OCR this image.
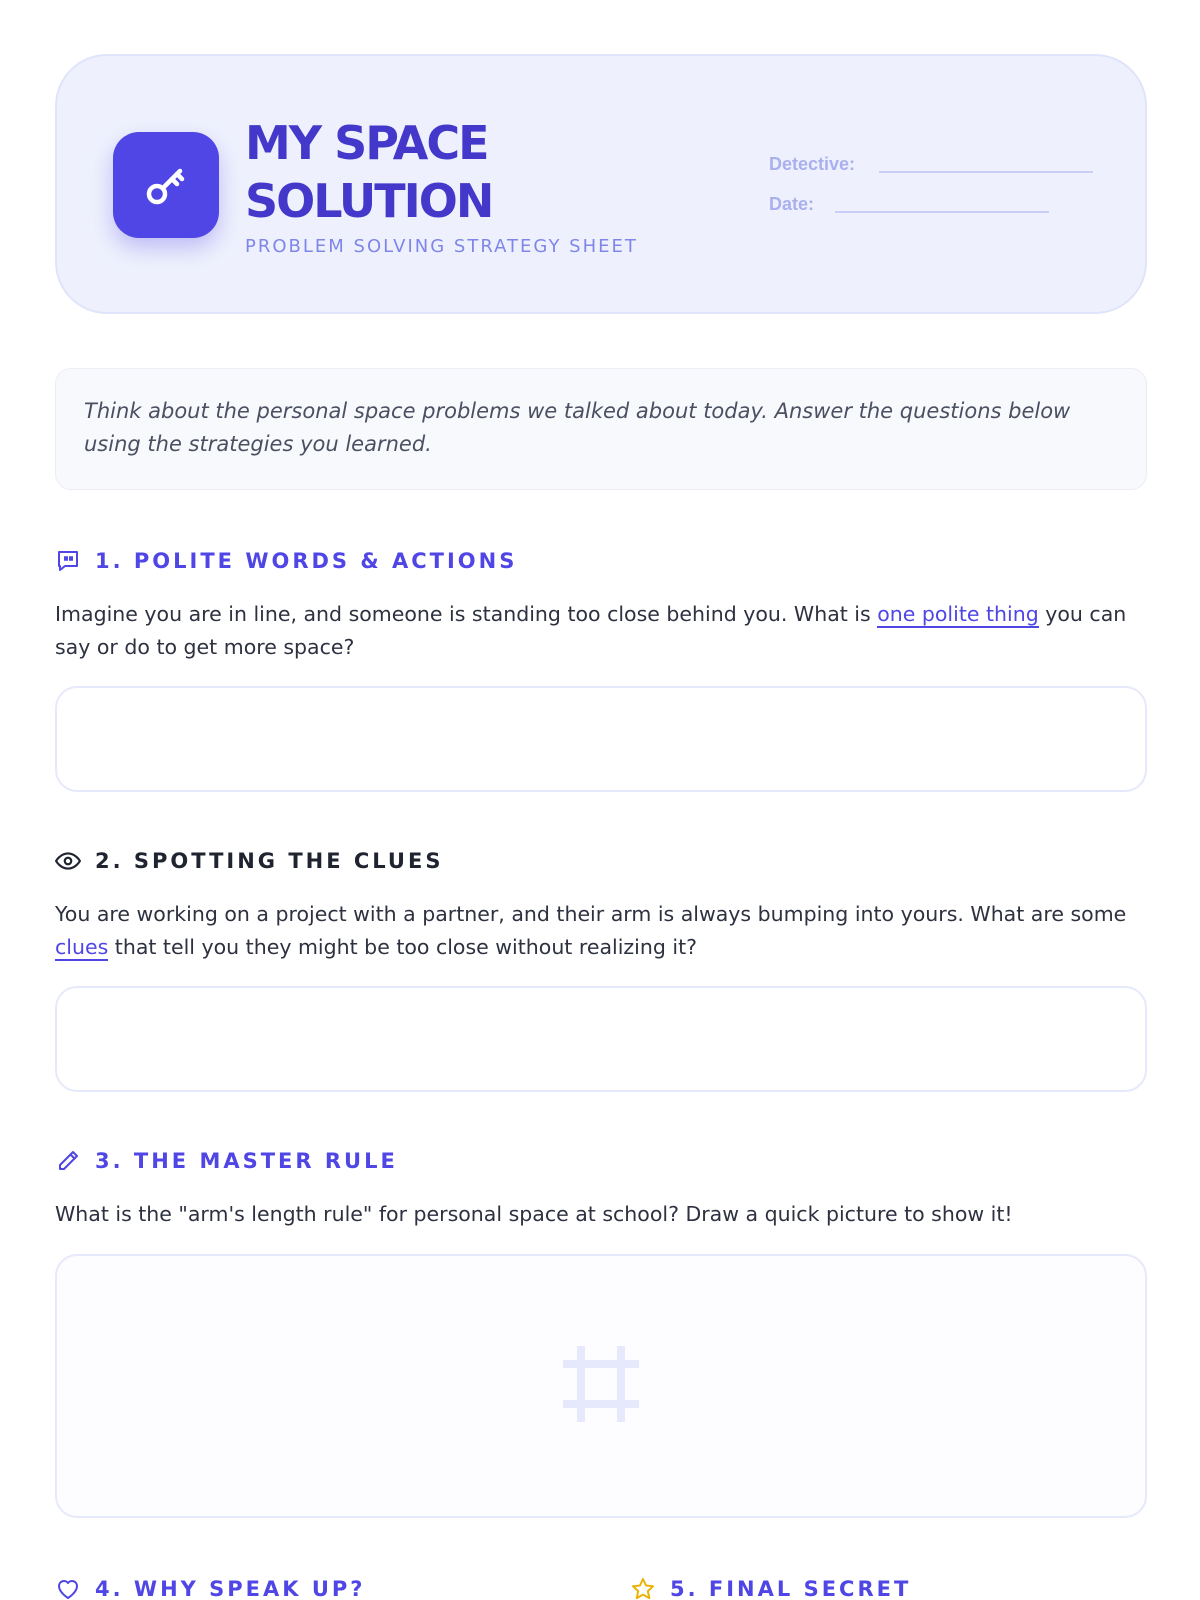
MY SPACE
SOLUTION
PROBLEM SOLVING STRATEGY SHEET
Detective:
Date:
Think about the personal space problems we talked about today. Answer the questions below using the strategies you learned.
1. POLITE WORDS & ACTIONS
Imagine you are in line, and someone is standing too close behind you. What is one polite thing you can say or do to get more space?
2. SPOTTING THE CLUES
You are working on a project with a partner, and their arm is always bumping into yours. What are some clues that tell you they might be too close without realizing it?
3. THE MASTER RULE
What is the "arm's length rule" for personal space at school? Draw a quick picture to show it!
4. WHY SPEAK UP?	5. FINAL SECRET
